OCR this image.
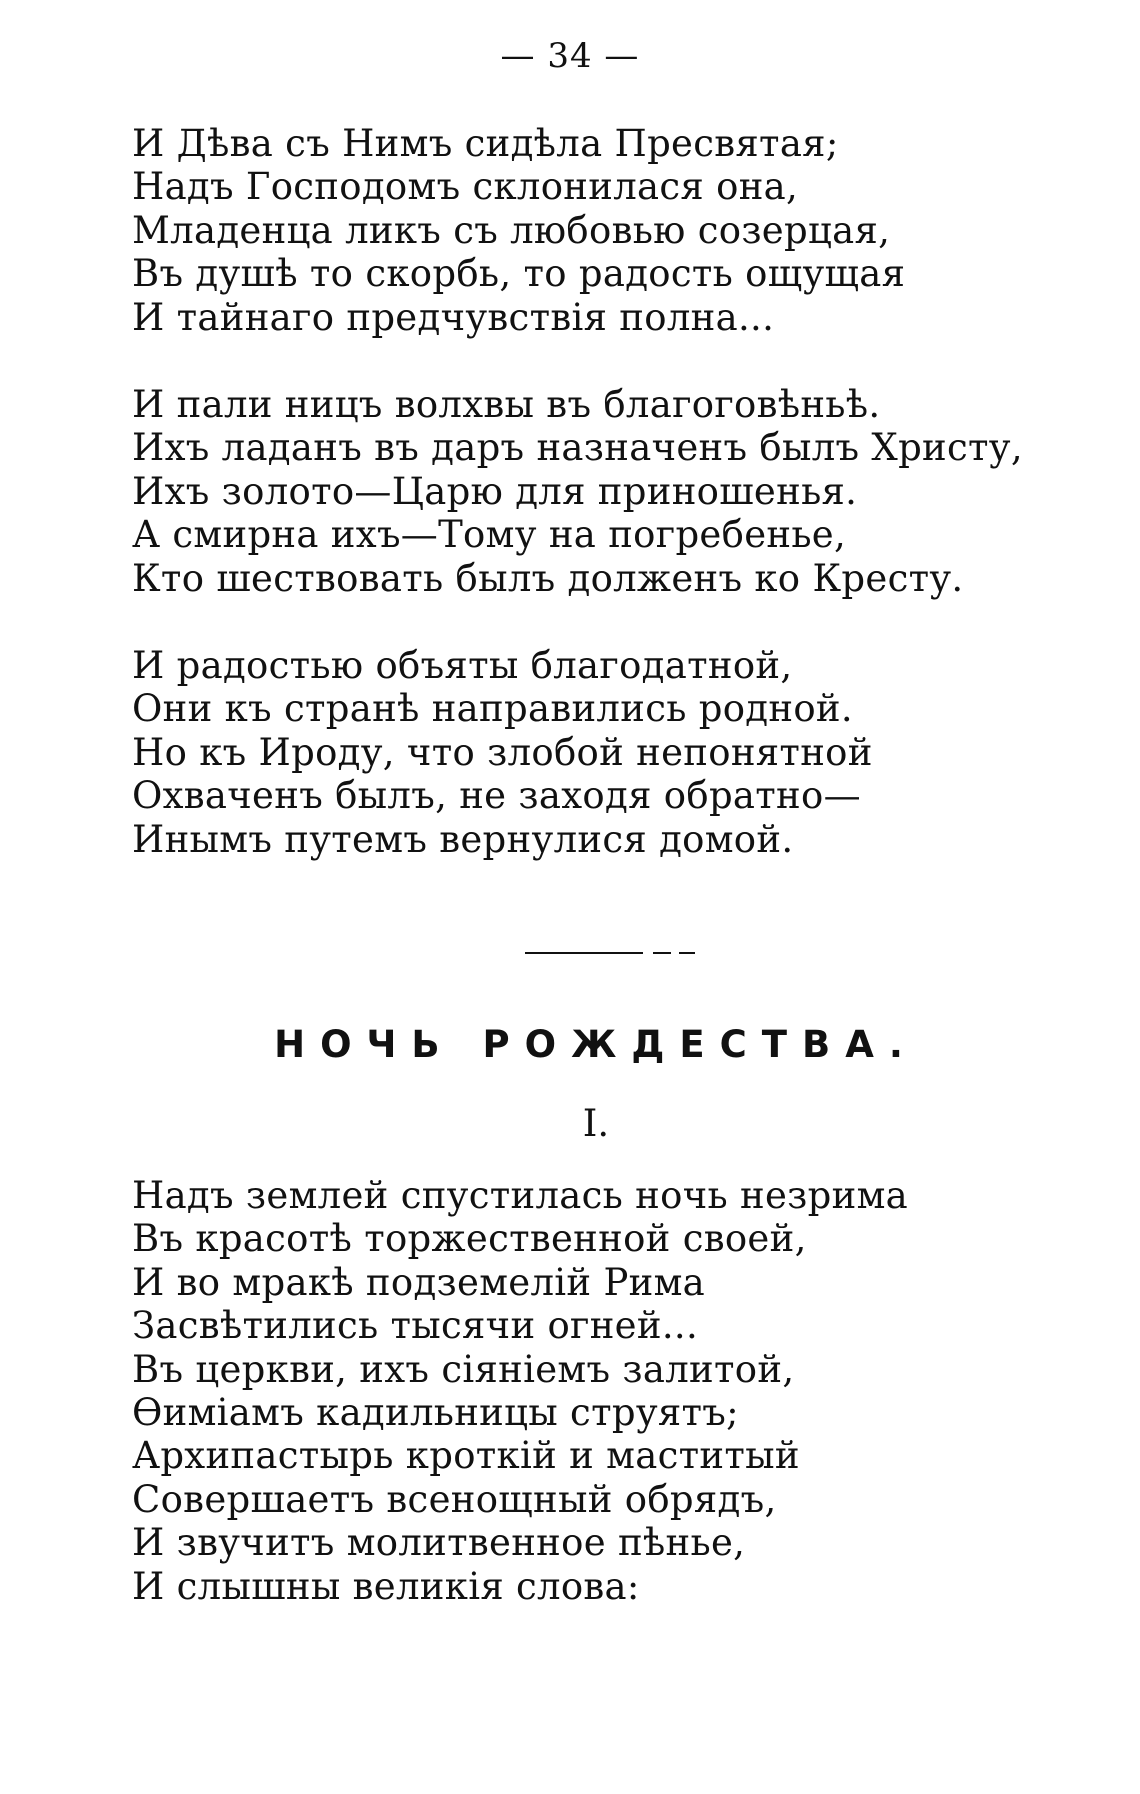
— 34 —
И Дѣва съ Нимъ сидѣла Пресвятая;
Надъ Господомъ склонилася она,
Младенца ликъ съ любовью созерцая,
Въ душѣ то скорбь, то радость ощущая
И тайнаго предчувствія полна...
И пали ницъ волхвы въ благоговѣньѣ.
Ихъ ладанъ въ даръ назначенъ былъ Христу,
Ихъ золото—Царю для приношенья.
А смирна ихъ—Тому на погребенье,
Кто шествовать былъ долженъ ко Кресту.
И радостью объяты благодатной,
Они къ странѣ направились родной.
Но къ Ироду, что злобой непонятной
Охваченъ былъ, не заходя обратно—
Инымъ путемъ вернулися домой.
НОЧЬ РОЖДЕСТВА.
I.
Надъ землей спустилась ночь незрима
Въ красотѣ торжественной своей,
И во мракѣ подземелій Рима
Засвѣтились тысячи огней...
Въ церкви, ихъ сіяніемъ залитой,
Ѳиміамъ кадильницы струятъ;
Архипастырь кроткій и маститый
Совершаетъ всенощный обрядъ,
И звучитъ молитвенное пѣнье,
И слышны великія слова:
